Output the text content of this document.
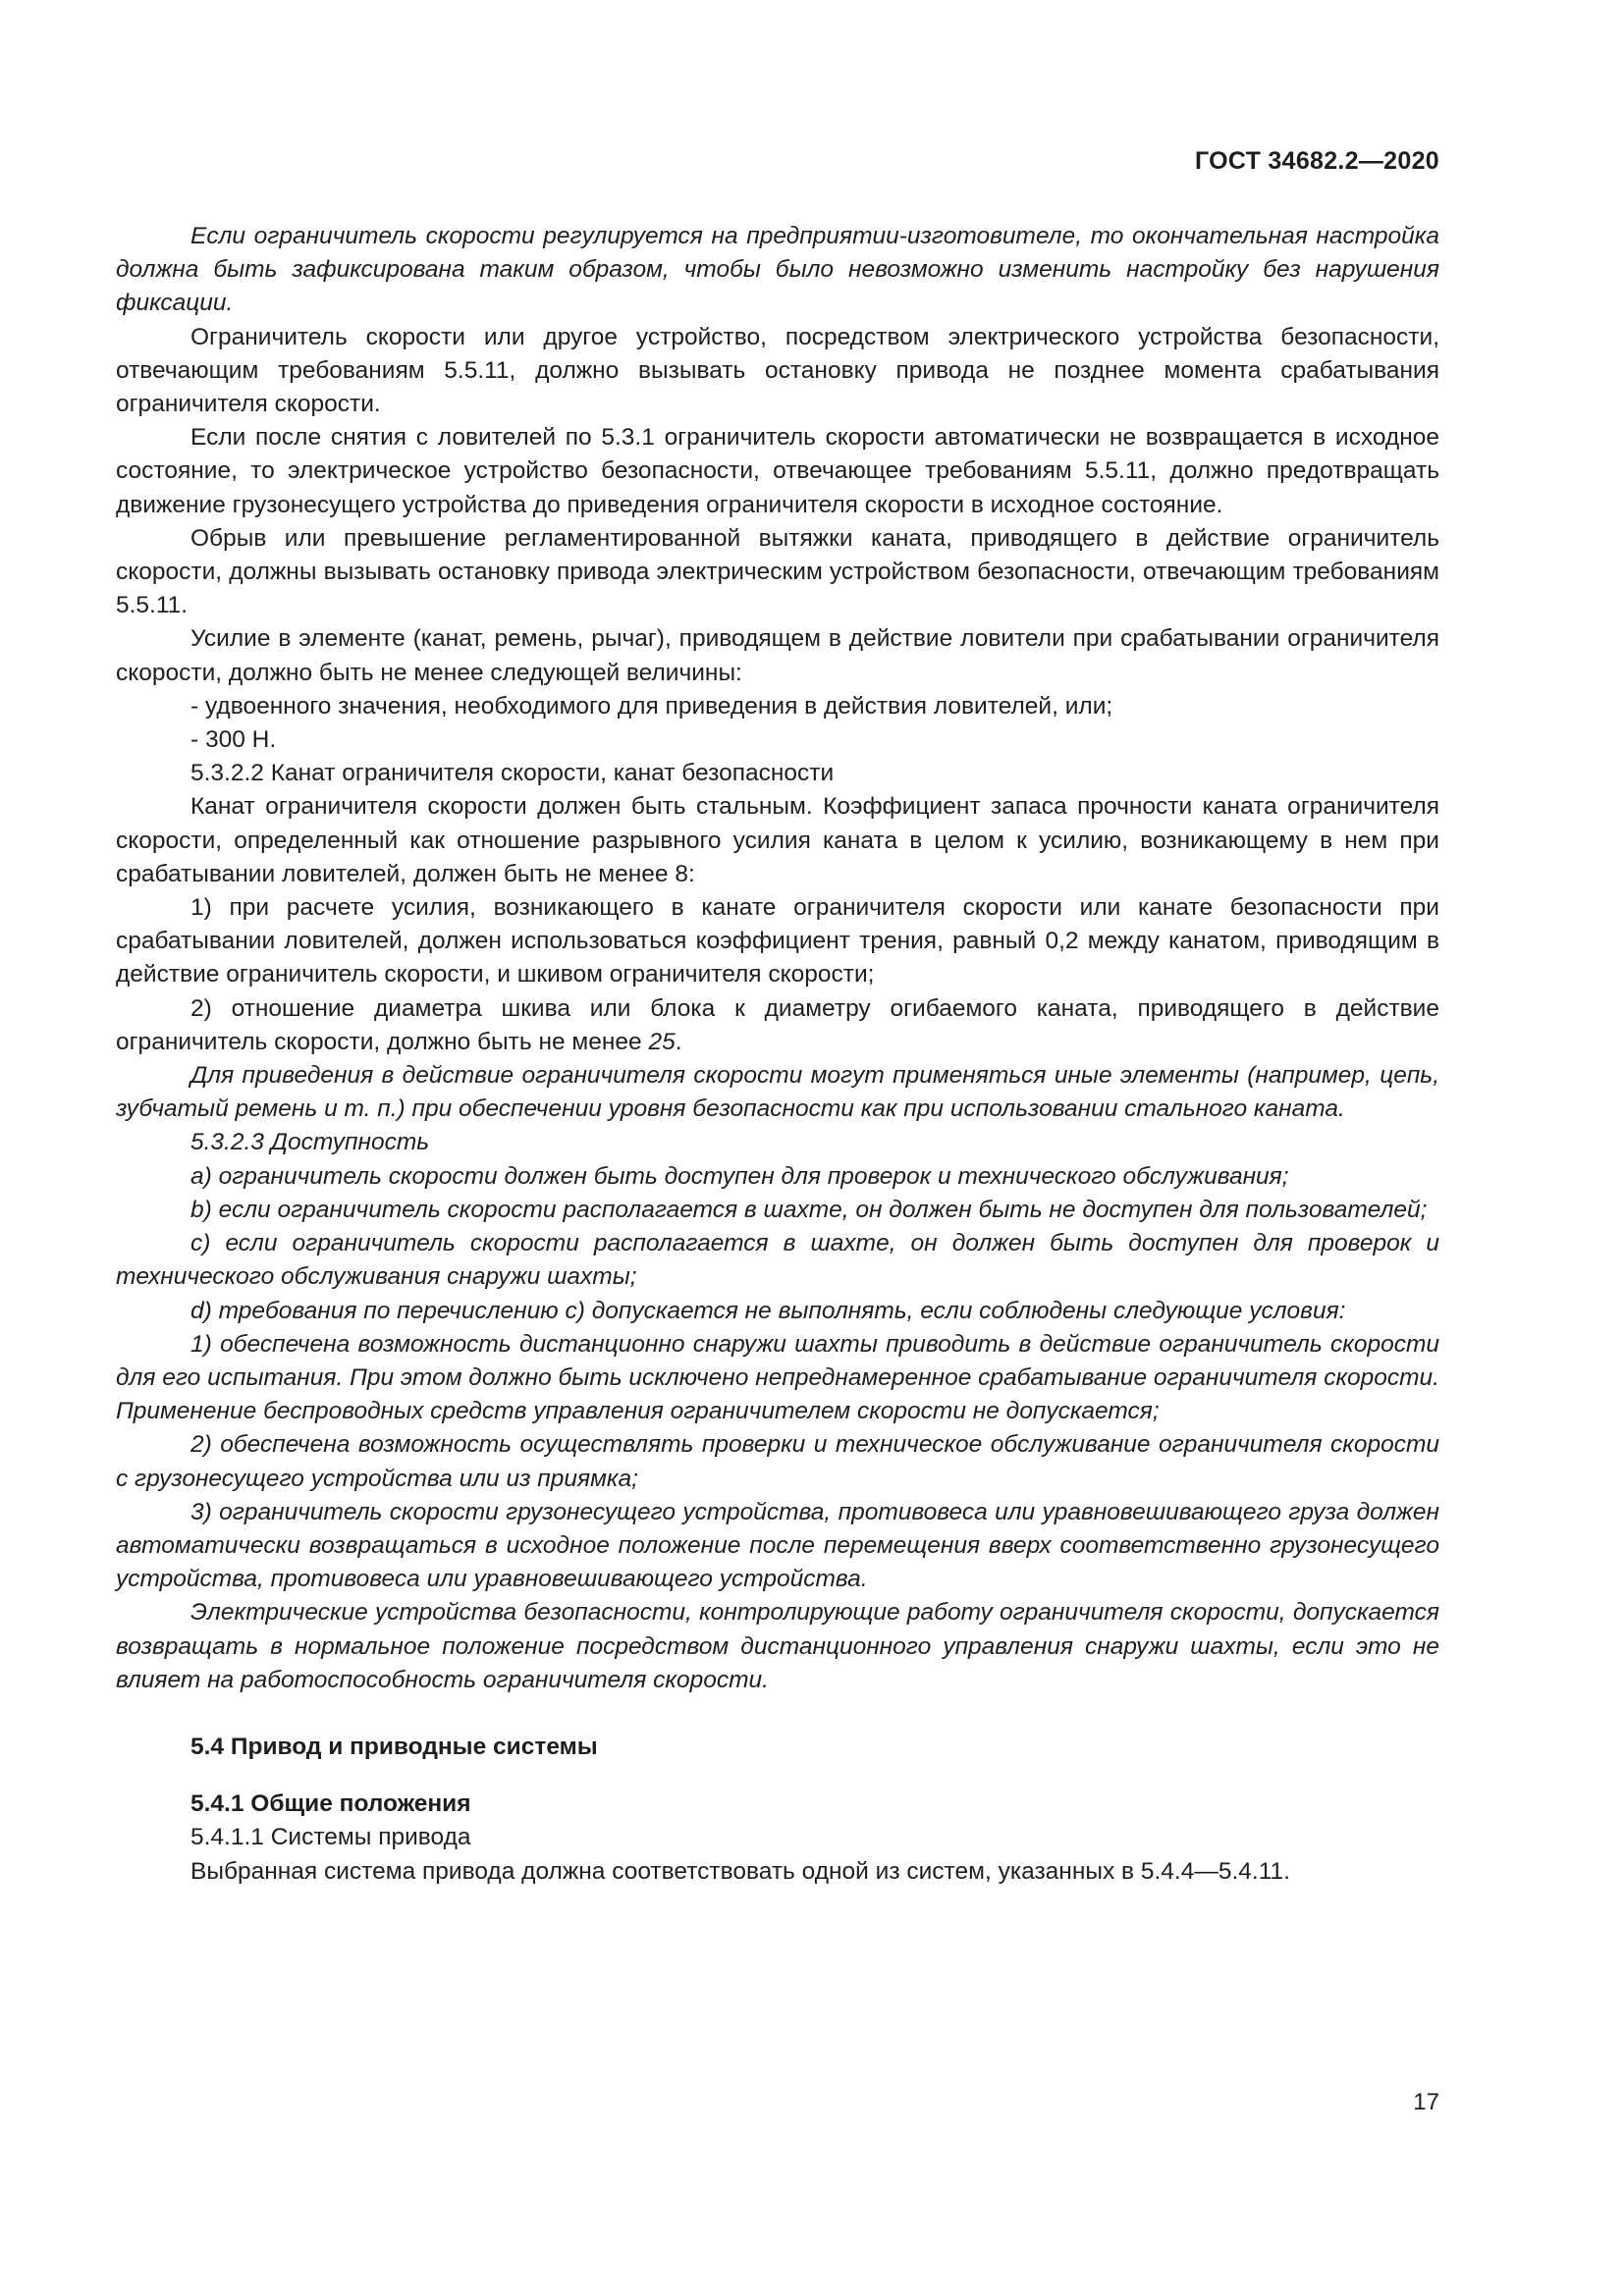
ГОСТ 34682.2—2020

Если ограничитель скорости регулируется на предприятии-изготовителе, то окончательная настройка должна быть зафиксирована таким образом, чтобы было невозможно изменить настройку без нарушения фиксации.

Ограничитель скорости или другое устройство, посредством электрического устройства безопасности, отвечающим требованиям 5.5.11, должно вызывать остановку привода не позднее момента срабатывания ограничителя скорости.

Если после снятия с ловителей по 5.3.1 ограничитель скорости автоматически не возвращается в исходное состояние, то электрическое устройство безопасности, отвечающее требованиям 5.5.11, должно предотвращать движение грузонесущего устройства до приведения ограничителя скорости в исходное состояние.

Обрыв или превышение регламентированной вытяжки каната, приводящего в действие ограничитель скорости, должны вызывать остановку привода электрическим устройством безопасности, отвечающим требованиям 5.5.11.

Усилие в элементе (канат, ремень, рычаг), приводящем в действие ловители при срабатывании ограничителя скорости, должно быть не менее следующей величины:

- удвоенного значения, необходимого для приведения в действия ловителей, или;

- 300 Н.

5.3.2.2 Канат ограничителя скорости, канат безопасности

Канат ограничителя скорости должен быть стальным. Коэффициент запаса прочности каната ограничителя скорости, определенный как отношение разрывного усилия каната в целом к усилию, возникающему в нем при срабатывании ловителей, должен быть не менее 8:

1) при расчете усилия, возникающего в канате ограничителя скорости или канате безопасности при срабатывании ловителей, должен использоваться коэффициент трения, равный 0,2 между канатом, приводящим в действие ограничитель скорости, и шкивом ограничителя скорости;

2) отношение диаметра шкива или блока к диаметру огибаемого каната, приводящего в действие ограничитель скорости, должно быть не менее 25.

Для приведения в действие ограничителя скорости могут применяться иные элементы (например, цепь, зубчатый ремень и т. п.) при обеспечении уровня безопасности как при использовании стального каната.

5.3.2.3 Доступность

a) ограничитель скорости должен быть доступен для проверок и технического обслуживания;

b) если ограничитель скорости располагается в шахте, он должен быть не доступен для пользователей;

c) если ограничитель скорости располагается в шахте, он должен быть доступен для проверок и технического обслуживания снаружи шахты;

d) требования по перечислению c) допускается не выполнять, если соблюдены следующие условия:

1) обеспечена возможность дистанционно снаружи шахты приводить в действие ограничитель скорости для его испытания. При этом должно быть исключено непреднамеренное срабатывание ограничителя скорости. Применение беспроводных средств управления ограничителем скорости не допускается;

2) обеспечена возможность осуществлять проверки и техническое обслуживание ограничителя скорости с грузонесущего устройства или из приямка;

3) ограничитель скорости грузонесущего устройства, противовеса или уравновешивающего груза должен автоматически возвращаться в исходное положение после перемещения вверх соответственно грузонесущего устройства, противовеса или уравновешивающего устройства.

Электрические устройства безопасности, контролирующие работу ограничителя скорости, допускается возвращать в нормальное положение посредством дистанционного управления снаружи шахты, если это не влияет на работоспособность ограничителя скорости.

5.4 Привод и приводные системы

5.4.1 Общие положения

5.4.1.1 Системы привода

Выбранная система привода должна соответствовать одной из систем, указанных в 5.4.4—5.4.11.

17
